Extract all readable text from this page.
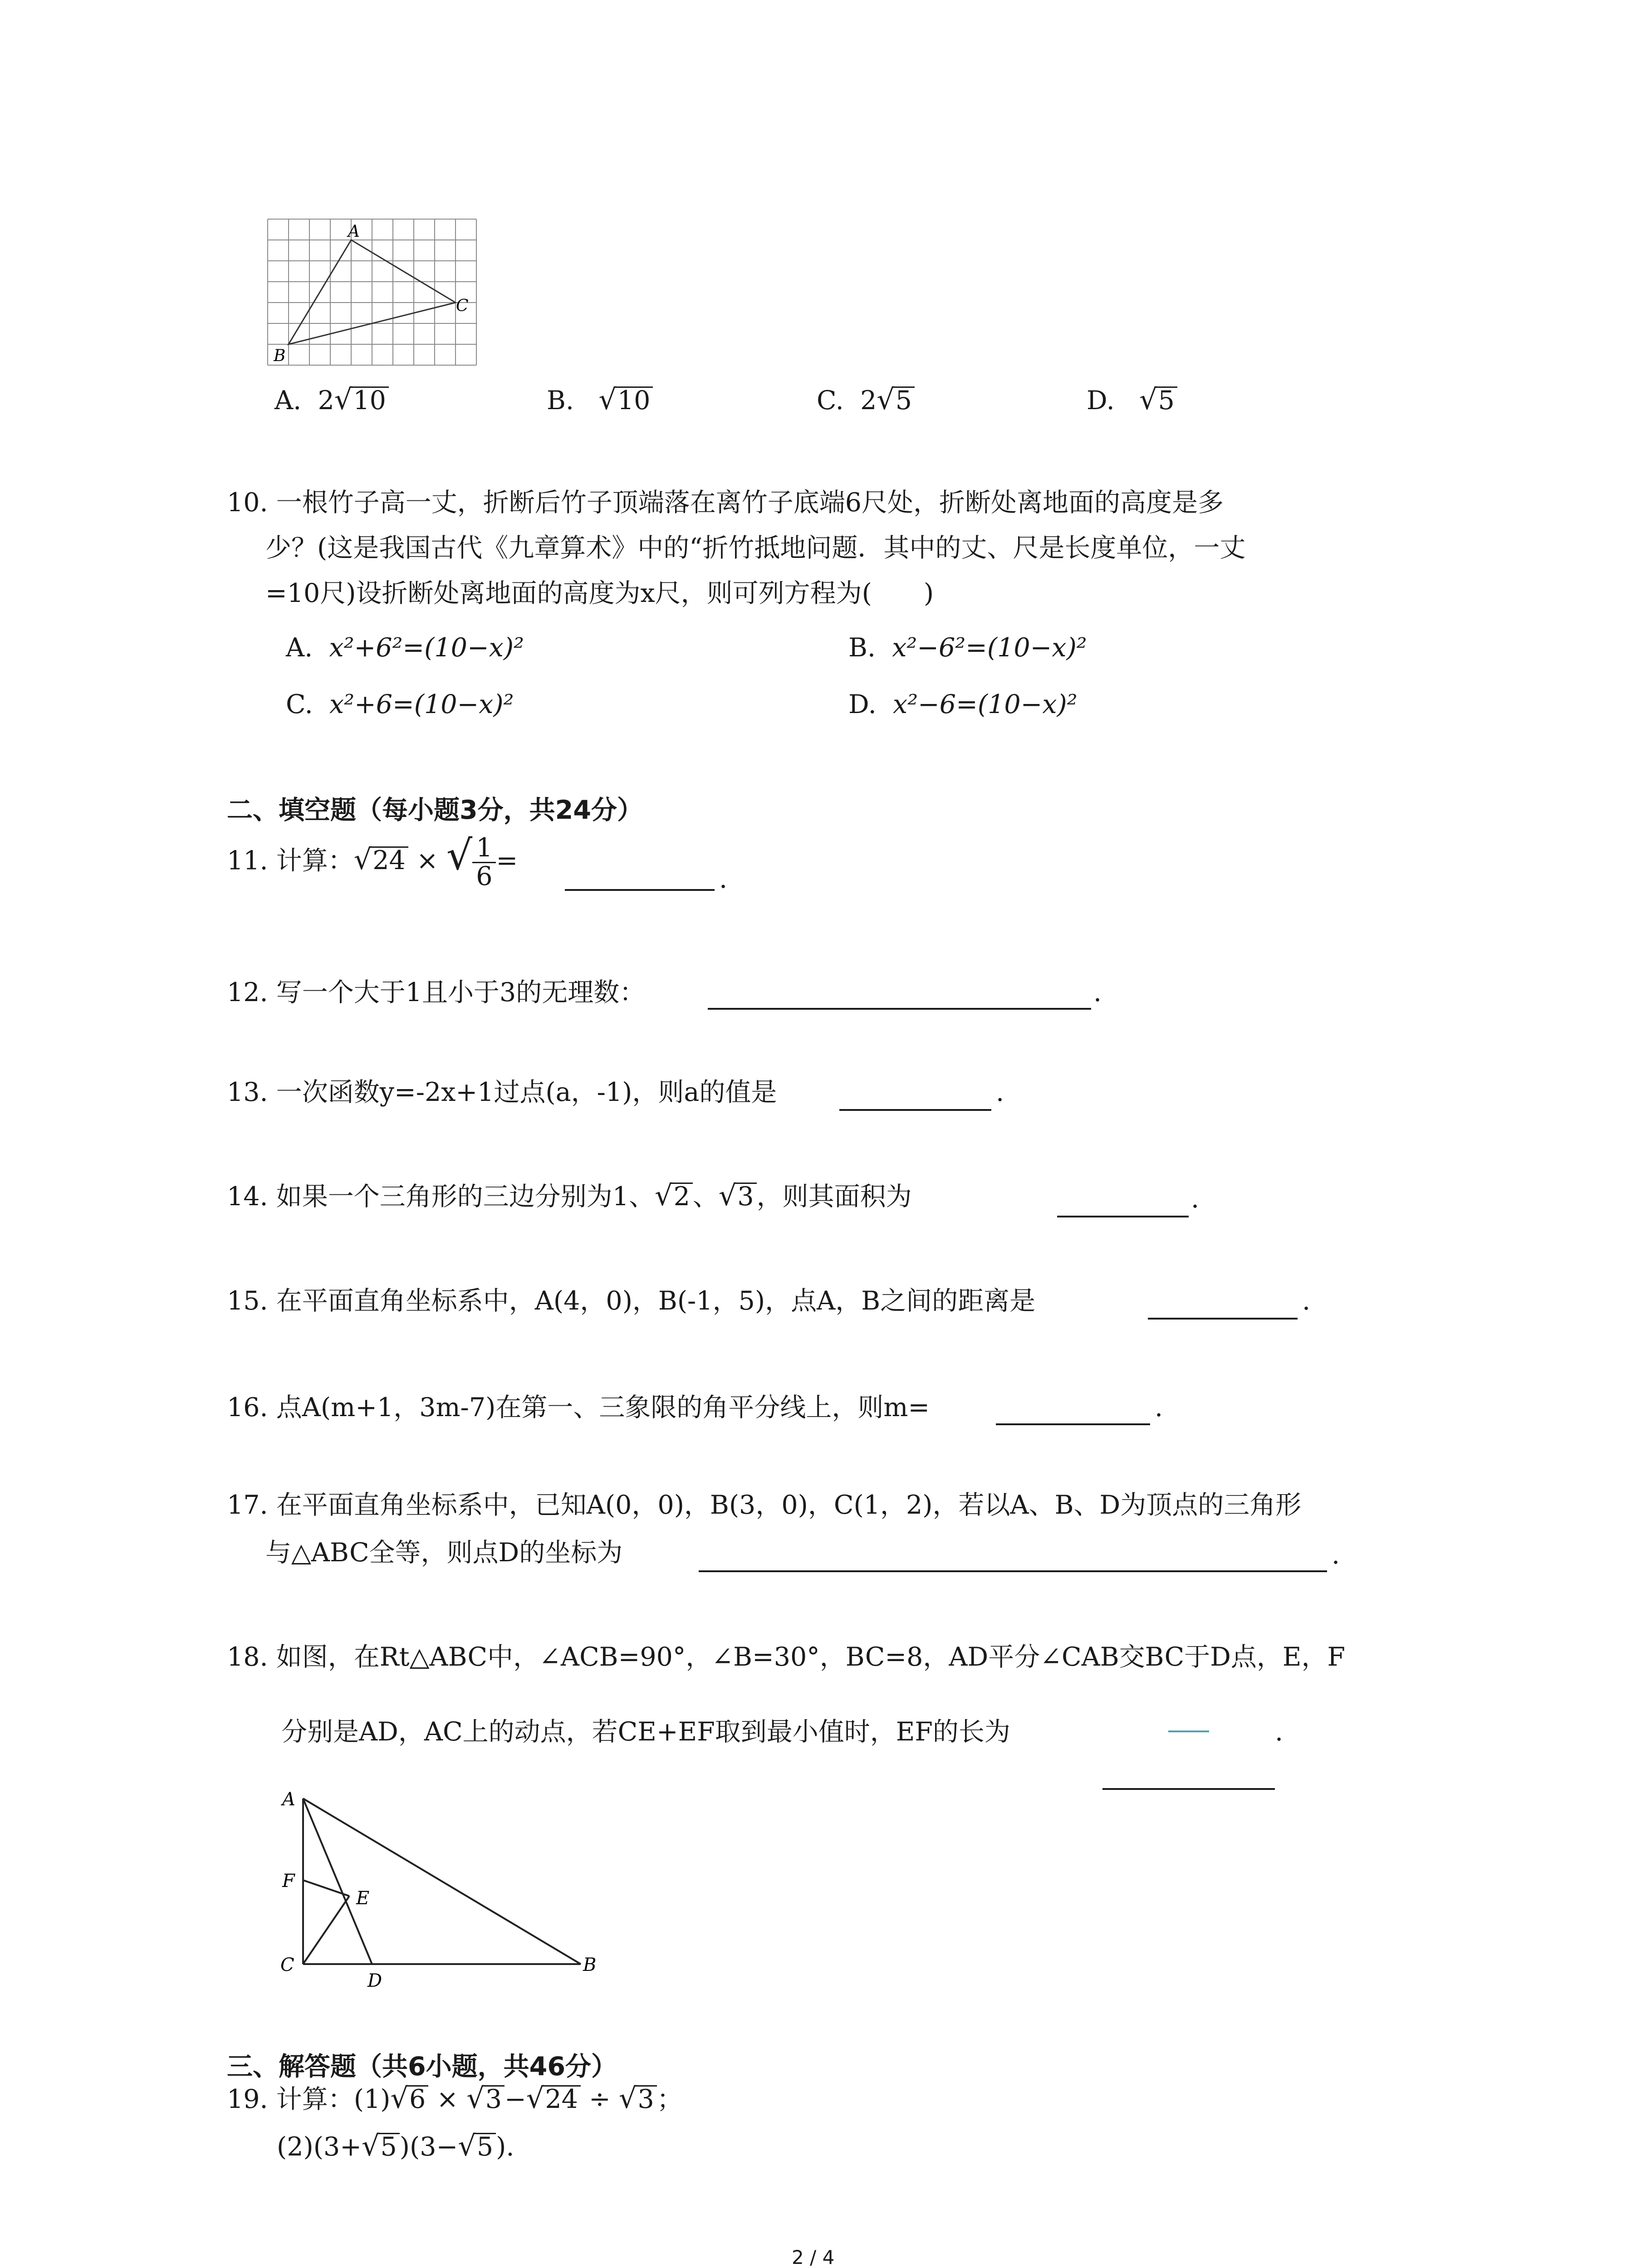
A
B
C
A. 2√10	B. √10	C. 2√5	D. √5
10. 一根竹子高一丈，折断后竹子顶端落在离竹子底端6尺处，折断处离地面的高度是多
少？(这是我国古代《九章算术》中的“折竹抵地问题．其中的丈、尺是长度单位，一丈
=10尺)设折断处离地面的高度为x尺，则可列方程为(　　)
A. x²+6²=(10−x)²	B. x²−6²=(10−x)²
C. x²+6=(10−x)²	D. x²−6=(10−x)²
二、填空题（每小题3分，共24分）
11. 计算：√24 × √ $\frac{1}{6}$ =
.
12. 写一个大于1且小于3的无理数：	.
13. 一次函数y=-2x+1过点(a，-1)，则a的值是	.
14. 如果一个三角形的三边分别为1、√2 、√3 ，则其面积为	.
15. 在平面直角坐标系中，A(4，0)，B(-1，5)，点A，B之间的距离是	.
16. 点A(m+1，3m-7)在第一、三象限的角平分线上，则m=	.
17. 在平面直角坐标系中，已知A(0，0)，B(3，0)，C(1，2)，若以A、B、D为顶点的三角形
与△ABC全等，则点D的坐标为	.
18. 如图，在Rt△ABC中，∠ACB=90°，∠B=30°，BC=8，AD平分∠CAB交BC于D点，E，F
分别是AD，AC上的动点，若CE+EF取到最小值时，EF的长为	.
A
F
E
C
D
B
三、解答题（共6小题，共46分）
19. 计算：(1)√6 × √3 −√24 ÷ √3 ；
(2)(3+√5 )(3−√5 ).
2 / 4
